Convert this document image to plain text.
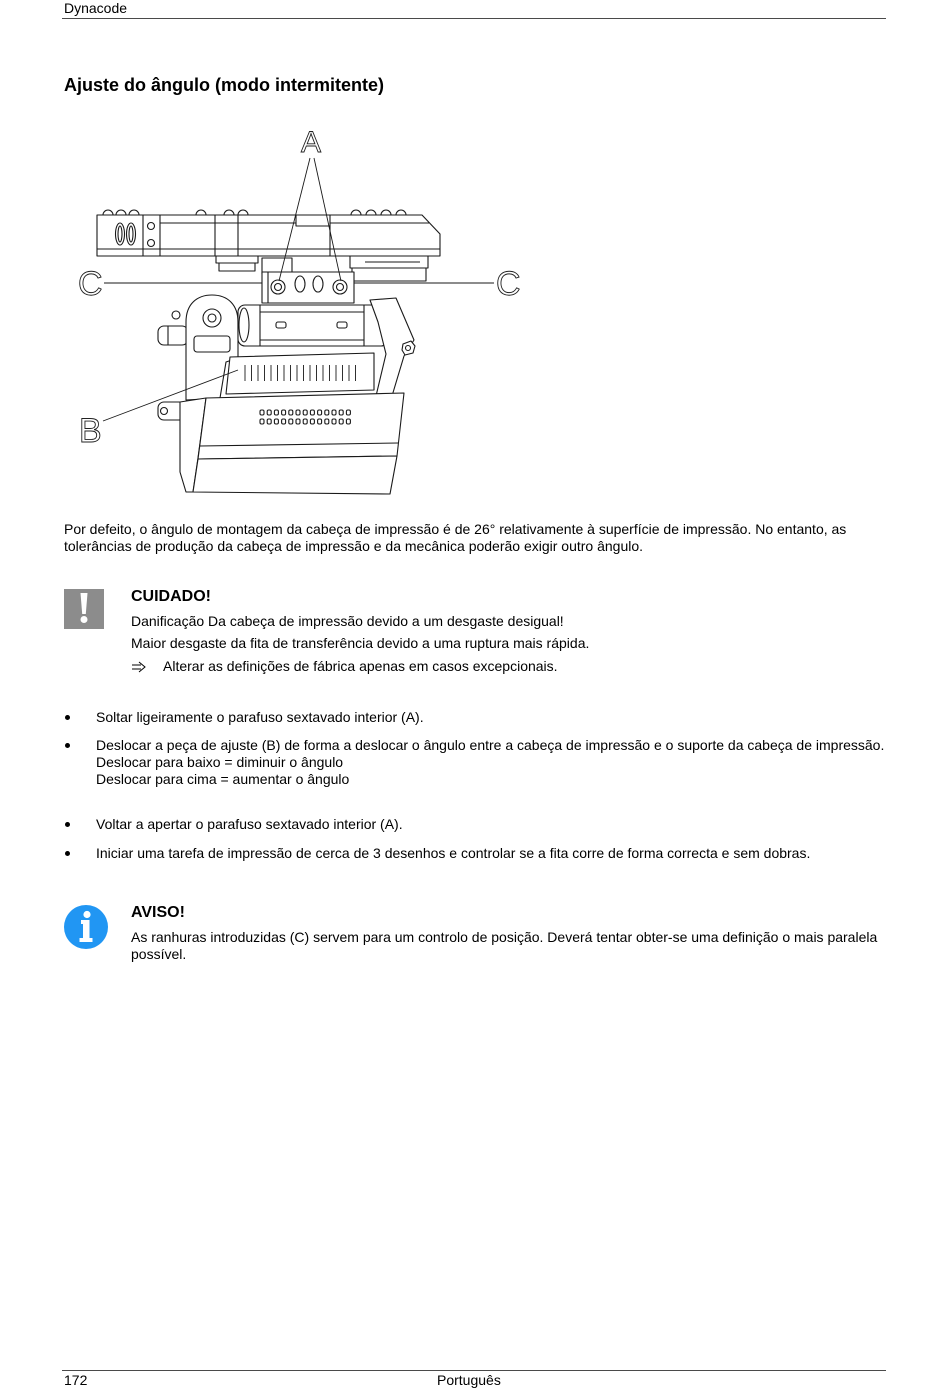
Dynacode
Ajuste do ângulo (modo intermitente)
A
C	C
B
Por defeito, o ângulo de montagem da cabeça de impressão é de 26° relativamente à superfície de impressão. No entanto, as tolerâncias de produção da cabeça de impressão e da mecânica poderão exigir outro ângulo.
CUIDADO!
Danificação Da cabeça de impressão devido a um desgaste desigual!
Maior desgaste da fita de transferência devido a uma ruptura mais rápida.
Alterar as definições de fábrica apenas em casos excepcionais.
Soltar ligeiramente o parafuso sextavado interior (A).
Deslocar a peça de ajuste (B) de forma a deslocar o ângulo entre a cabeça de impressão e o suporte da cabeça de impressão.
Deslocar para baixo = diminuir o ângulo
Deslocar para cima = aumentar o ângulo
Voltar a apertar o parafuso sextavado interior (A).
Iniciar uma tarefa de impressão de cerca de 3 desenhos e controlar se a fita corre de forma correcta e sem dobras.
AVISO!
As ranhuras introduzidas (C) servem para um controlo de posição. Deverá tentar obter-se uma definição o mais paralela possível.
172	Português
